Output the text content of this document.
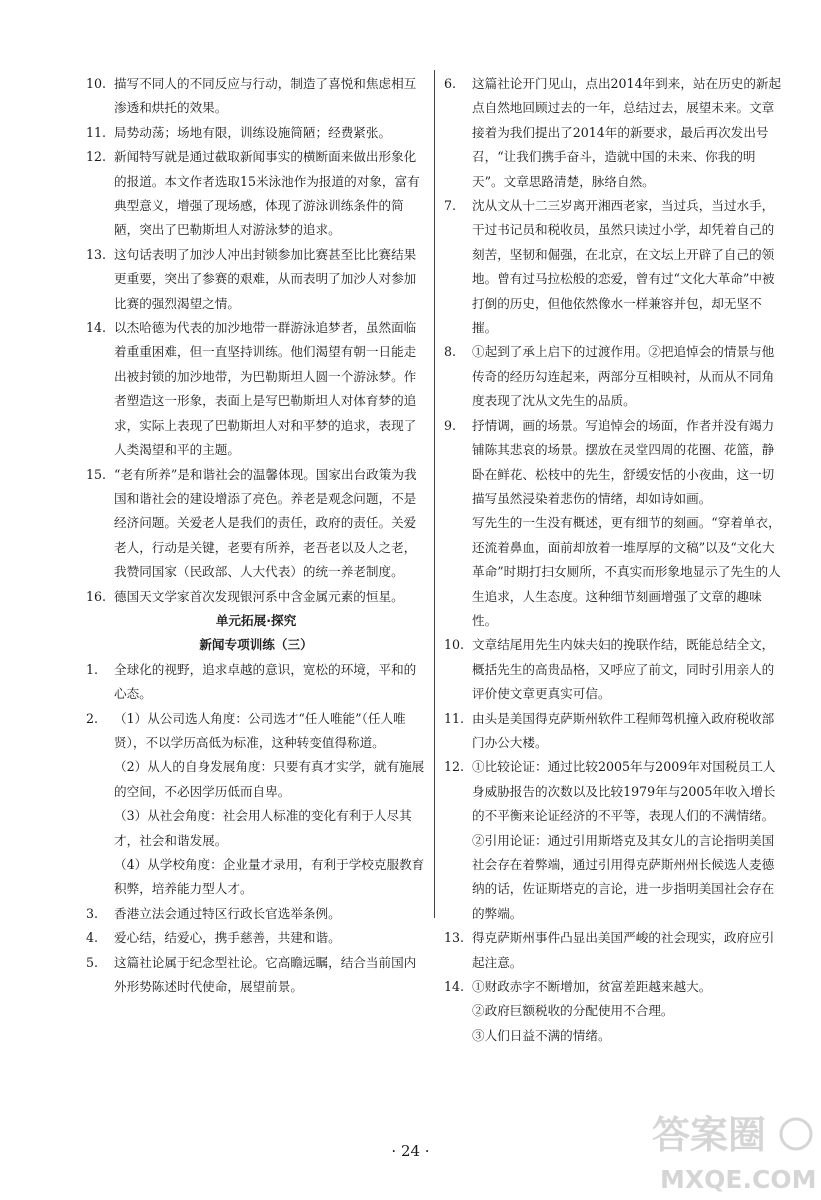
10. 描写不同人的不同反应与行动，制造了喜悦和焦虑相互渗透和烘托的效果。

11. 局势动荡；场地有限，训练设施简陋；经费紧张。

12. 新闻特写就是通过截取新闻事实的横断面来做出形象化的报道。本文作者选取15米泳池作为报道的对象，富有典型意义，增强了现场感，体现了游泳训练条件的简陋，突出了巴勒斯坦人对游泳梦的追求。

13. 这句话表明了加沙人冲出封锁参加比赛甚至比比赛结果更重要，突出了参赛的艰难，从而表明了加沙人对参加比赛的强烈渴望之情。

14. 以杰哈德为代表的加沙地带一群游泳追梦者，虽然面临着重重困难，但一直坚持训练。他们渴望有朝一日能走出被封锁的加沙地带，为巴勒斯坦人圆一个游泳梦。作者塑造这一形象，表面上是写巴勒斯坦人对体育梦的追求，实际上表现了巴勒斯坦人对和平梦的追求，表现了人类渴望和平的主题。

15. “老有所养”是和谐社会的温馨体现。国家出台政策为我国和谐社会的建设增添了亮色。养老是观念问题，不是经济问题。关爱老人是我们的责任，政府的责任。关爱老人，行动是关键，老要有所养，老吾老以及人之老，我赞同国家（民政部、人大代表）的统一养老制度。

16. 德国天文学家首次发现银河系中含金属元素的恒星。

单元拓展·探究
新闻专项训练（三）

1. 全球化的视野，追求卓越的意识，宽松的环境，平和的心态。

2. （1）从公司选人角度：公司选才“任人唯能”（任人唯贤），不以学历高低为标准，这种转变值得称道。

（2）从人的自身发展角度：只要有真才实学，就有施展的空间，不必因学历低而自卑。

（3）从社会角度：社会用人标准的变化有利于人尽其才，社会和谐发展。

（4）从学校角度：企业量才录用，有利于学校克服教育积弊，培养能力型人才。

3. 香港立法会通过特区行政长官选举条例。

4. 爱心结，结爱心，携手慈善，共建和谐。

5. 这篇社论属于纪念型社论。它高瞻远瞩，结合当前国内外形势陈述时代使命，展望前景。

6. 这篇社论开门见山，点出2014年到来，站在历史的新起点自然地回顾过去的一年，总结过去，展望未来。文章接着为我们提出了2014年的新要求，最后再次发出号召，“让我们携手奋斗，造就中国的未来、你我的明天”。文章思路清楚，脉络自然。

7. 沈从文从十二三岁离开湘西老家，当过兵，当过水手，干过书记员和税收员，虽然只读过小学，却凭着自己的刻苦，坚韧和倔强，在北京，在文坛上开辟了自己的领地。曾有过马拉松般的恋爱，曾有过“文化大革命”中被打倒的历史，但他依然像水一样兼容并包，却无坚不摧。

8. ①起到了承上启下的过渡作用。②把追悼会的情景与他传奇的经历勾连起来，两部分互相映衬，从而从不同角度表现了沈从文先生的品质。

9. 抒情调，画的场景。写追悼会的场面，作者并没有竭力铺陈其悲哀的场景。摆放在灵堂四周的花圈、花篮，静卧在鲜花、松枝中的先生，舒缓安恬的小夜曲，这一切描写虽然浸染着悲伤的情绪，却如诗如画。

写先生的一生没有概述，更有细节的刻画。“穿着单衣，还流着鼻血，面前却放着一堆厚厚的文稿”以及“文化大革命”时期打扫女厕所，不真实而形象地显示了先生的人生追求，人生态度。这种细节刻画增强了文章的趣味性。

10. 文章结尾用先生内妹夫妇的挽联作结，既能总结全文，概括先生的高贵品格，又呼应了前文，同时引用亲人的评价使文章更真实可信。

11. 由头是美国得克萨斯州软件工程师驾机撞入政府税收部门办公大楼。

12. ①比较论证：通过比较2005年与2009年对国税员工人身威胁报告的次数以及比较1979年与2005年收入增长的不平衡来论证经济的不平等，表现人们的不满情绪。

②引用论证：通过引用斯塔克及其女儿的言论指明美国社会存在着弊端，通过引用得克萨斯州州长候选人麦德纳的话，佐证斯塔克的言论，进一步指明美国社会存在的弊端。

13. 得克萨斯州事件凸显出美国严峻的社会现实，政府应引起注意。

14. ①财政赤字不断增加，贫富差距越来越大。

②政府巨额税收的分配使用不合理。

③人们日益不满的情绪。

· 24 ·	答案圈
MXQE.COM
